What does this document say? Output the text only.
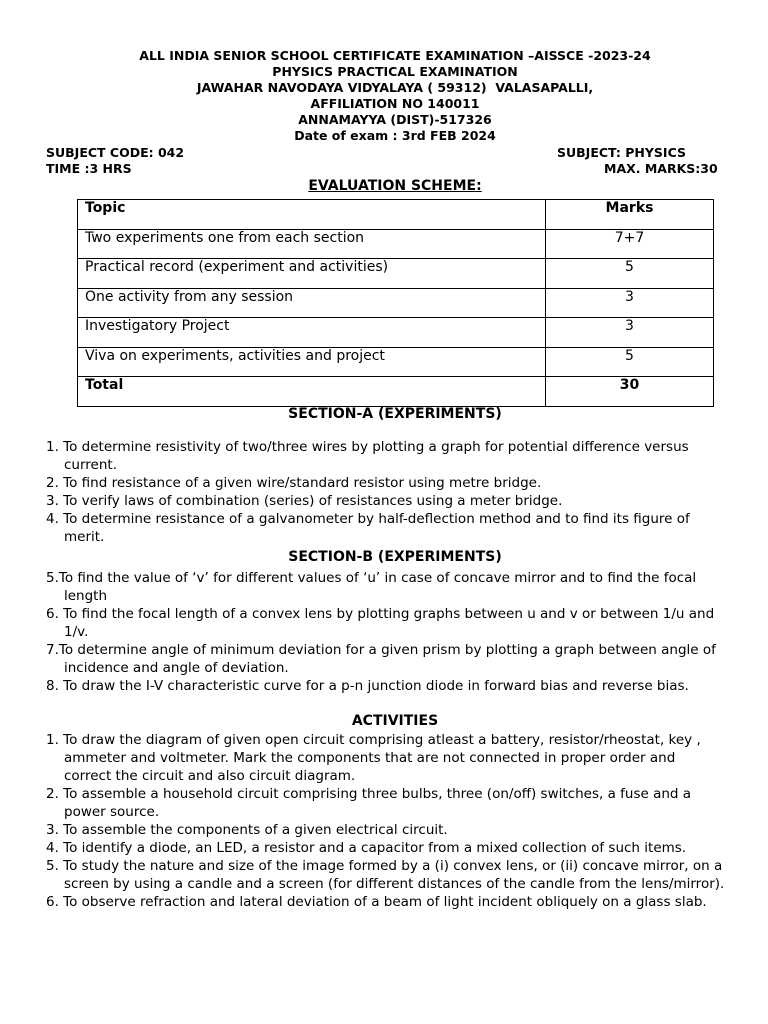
ALL INDIA SENIOR SCHOOL CERTIFICATE EXAMINATION –AISSCE -2023-24
PHYSICS PRACTICAL EXAMINATION
JAWAHAR NAVODAYA VIDYALAYA ( 59312)  VALASAPALLI,
AFFILIATION NO 140011
ANNAMAYYA (DIST)-517326
Date of exam : 3rd FEB 2024
SUBJECT CODE: 042	SUBJECT: PHYSICS
TIME :3 HRS	MAX. MARKS:30
EVALUATION SCHEME:
Topic	Marks
Two experiments one from each section	7+7
Practical record (experiment and activities)	5
One activity from any session	3
Investigatory Project	3
Viva on experiments, activities and project	5
Total	30
SECTION-A (EXPERIMENTS)

1. To determine resistivity of two/three wires by plotting a graph for potential difference versus current.

2. To find resistance of a given wire/standard resistor using metre bridge.

3. To verify laws of combination (series) of resistances using a meter bridge.

4. To determine resistance of a galvanometer by half-deflection method and to find its figure of merit.

SECTION-B (EXPERIMENTS)

5.To find the value of ‘v’ for different values of ‘u’ in case of concave mirror and to find the focal length

6. To find the focal length of a convex lens by plotting graphs between u and v or between 1/u and 1/v.

7.To determine angle of minimum deviation for a given prism by plotting a graph between angle of incidence and angle of deviation.

8. To draw the I-V characteristic curve for a p-n junction diode in forward bias and reverse bias.

ACTIVITIES

1. To draw the diagram of given open circuit comprising atleast a battery, resistor/rheostat, key , ammeter and voltmeter. Mark the components that are not connected in proper order and correct the circuit and also circuit diagram.

2. To assemble a household circuit comprising three bulbs, three (on/off) switches, a fuse and a power source.

3. To assemble the components of a given electrical circuit.

4. To identify a diode, an LED, a resistor and a capacitor from a mixed collection of such items.

5. To study the nature and size of the image formed by a (i) convex lens, or (ii) concave mirror, on a screen by using a candle and a screen (for different distances of the candle from the lens/mirror).

6. To observe refraction and lateral deviation of a beam of light incident obliquely on a glass slab.
